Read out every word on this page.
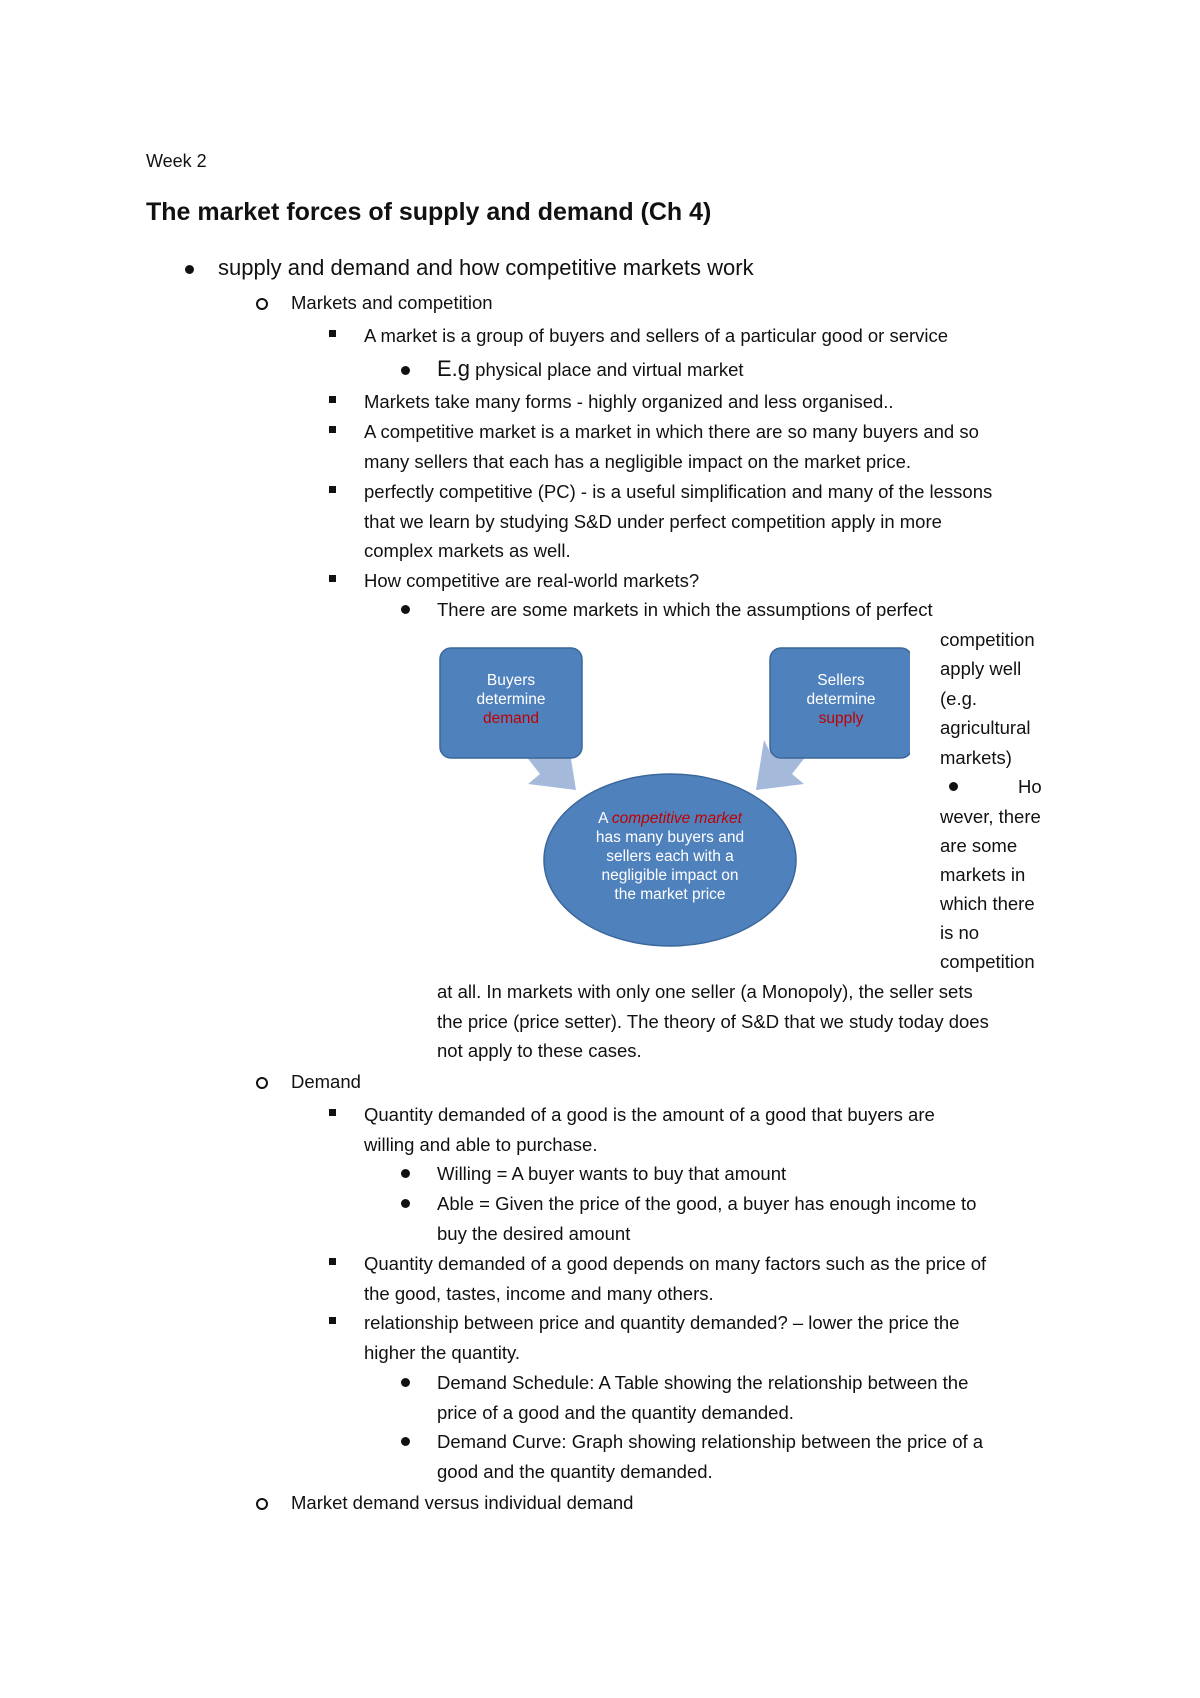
Week 2
The market forces of supply and demand (Ch 4)
supply and demand and how competitive markets work
Markets and competition
A market is a group of buyers and sellers of a particular good or service
E.g physical place and virtual market
Markets take many forms - highly organized and less organised..
A competitive market is a market in which there are so many buyers and so
many sellers that each has a negligible impact on the market price.
perfectly competitive (PC) - is a useful simplification and many of the lessons
that we learn by studying S&D under perfect competition apply in more
complex markets as well.
How competitive are real-world markets?
There are some markets in which the assumptions of perfect
competition
apply well
(e.g.
agricultural
markets)
Ho
wever, there
are some
markets in
which there
is no
competition
at all. In markets with only one seller (a Monopoly), the seller sets
the price (price setter). The theory of S&D that we study today does
not apply to these cases.
Buyers
determine
demand
Sellers
determine
supply
A competitive market
has many buyers and
sellers each with a
negligible impact on
the market price
Demand
Quantity demanded of a good is the amount of a good that buyers are
willing and able to purchase.
Willing = A buyer wants to buy that amount
Able = Given the price of the good, a buyer has enough income to
buy the desired amount
Quantity demanded of a good depends on many factors such as the price of
the good, tastes, income and many others.
relationship between price and quantity demanded? – lower the price the
higher the quantity.
Demand Schedule: A Table showing the relationship between the
price of a good and the quantity demanded.
Demand Curve: Graph showing relationship between the price of a
good and the quantity demanded.
Market demand versus individual demand
